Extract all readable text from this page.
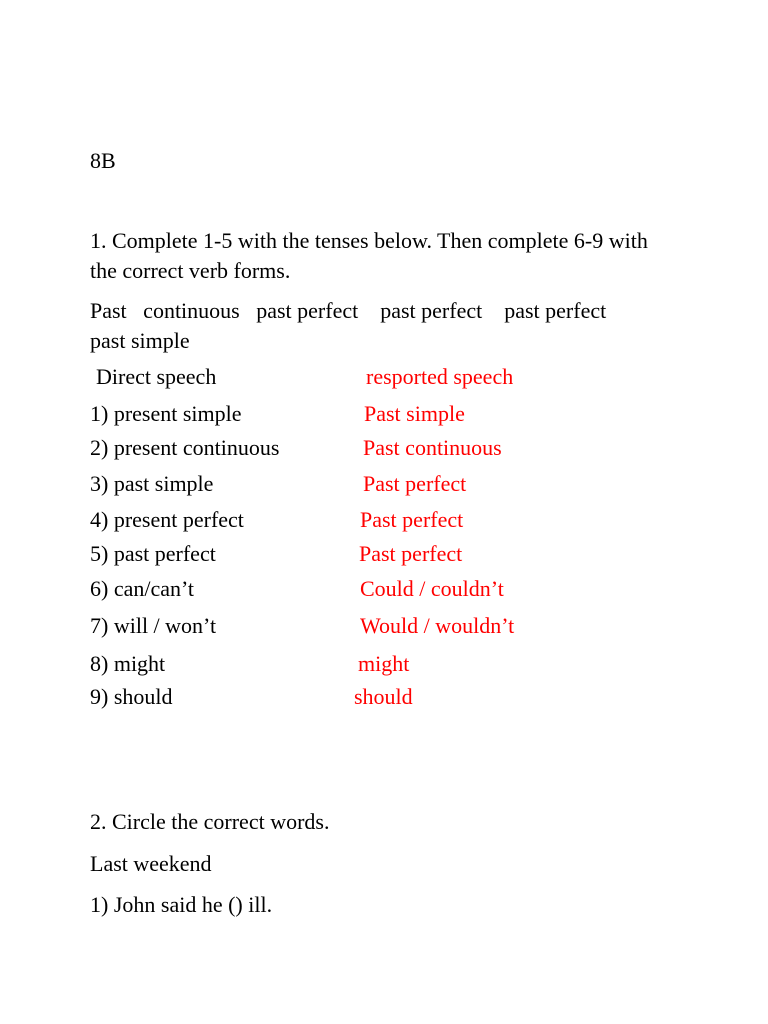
8B
1. Complete 1-5 with the tenses below. Then complete 6-9 with the correct verb forms.
Past   continuous   past perfect    past perfect    past perfect   past simple
Direct speech	resported speech
1) present simple	Past simple
2) present continuous	Past continuous
3) past simple	Past perfect
4) present perfect	Past perfect
5) past perfect	Past perfect
6) can/can’t	Could / couldn’t
7) will / won’t	Would / wouldn’t
8) might	might
9) should	should
2. Circle the correct words.
Last weekend
1) John said he () ill.
